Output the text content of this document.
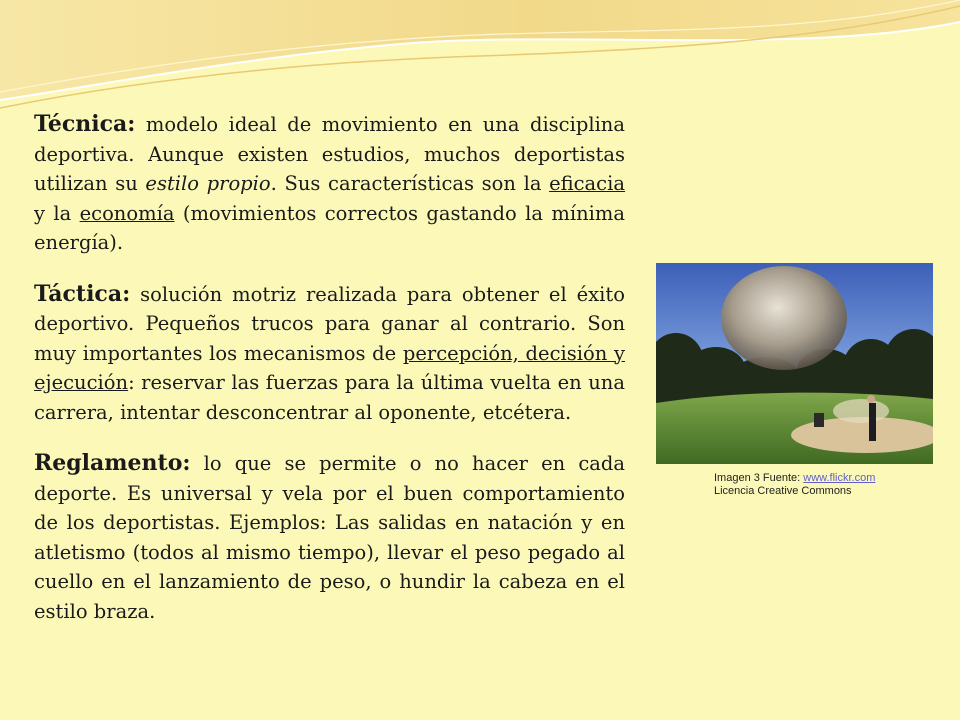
Técnica: modelo ideal de movimiento en una disciplina deportiva. Aunque existen estudios, muchos deportistas utilizan su estilo propio. Sus características son la eficacia y la economía (movimientos correctos gastando la mínima energía).

Táctica: solución motriz realizada para obtener el éxito deportivo. Pequeños trucos para ganar al contrario. Son muy importantes los mecanismos de percepción, decisión y ejecución: reservar las fuerzas para la última vuelta en una carrera, intentar desconcentrar al oponente, etcétera.

Reglamento: lo que se permite o no hacer en cada deporte. Es universal y vela por el buen comportamiento de los deportistas. Ejemplos: Las salidas en natación y en atletismo (todos al mismo tiempo), llevar el peso pegado al cuello en el lanzamiento de peso, o hundir la cabeza en el estilo braza.

Imagen 3 Fuente: www.flickr.com
Licencia Creative Commons
